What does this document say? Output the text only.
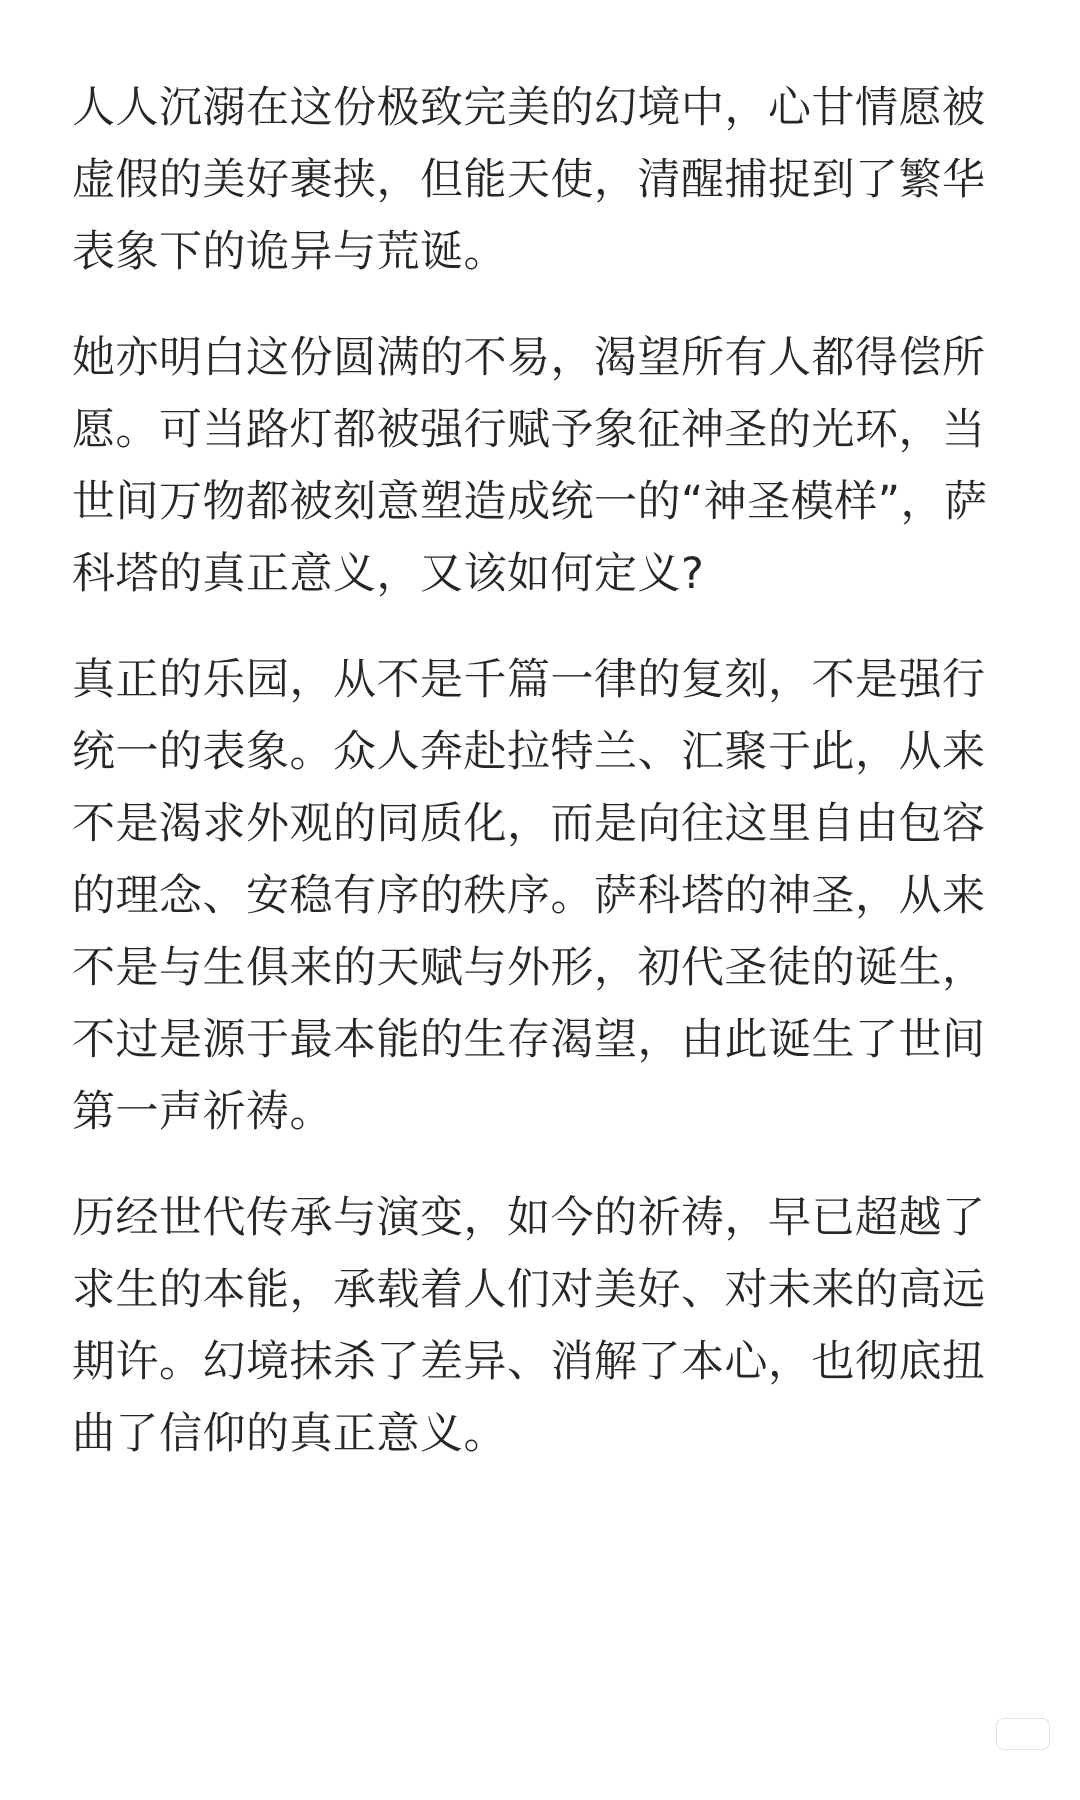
人人沉溺在这份极致完美的幻境中，心甘情愿被虚假的美好裹挟，但能天使，清醒捕捉到了繁华表象下的诡异与荒诞。

她亦明白这份圆满的不易，渴望所有人都得偿所愿。可当路灯都被强行赋予象征神圣的光环，当世间万物都被刻意塑造成统一的“神圣模样”，萨科塔的真正意义，又该如何定义?

真正的乐园，从不是千篇一律的复刻，不是强行统一的表象。众人奔赴拉特兰、汇聚于此，从来不是渴求外观的同质化，而是向往这里自由包容的理念、安稳有序的秩序。萨科塔的神圣，从来不是与生俱来的天赋与外形，初代圣徒的诞生，不过是源于最本能的生存渴望，由此诞生了世间第一声祈祷。

历经世代传承与演变，如今的祈祷，早已超越了求生的本能，承载着人们对美好、对未来的高远期许。幻境抹杀了差异、消解了本心，也彻底扭曲了信仰的真正意义。
